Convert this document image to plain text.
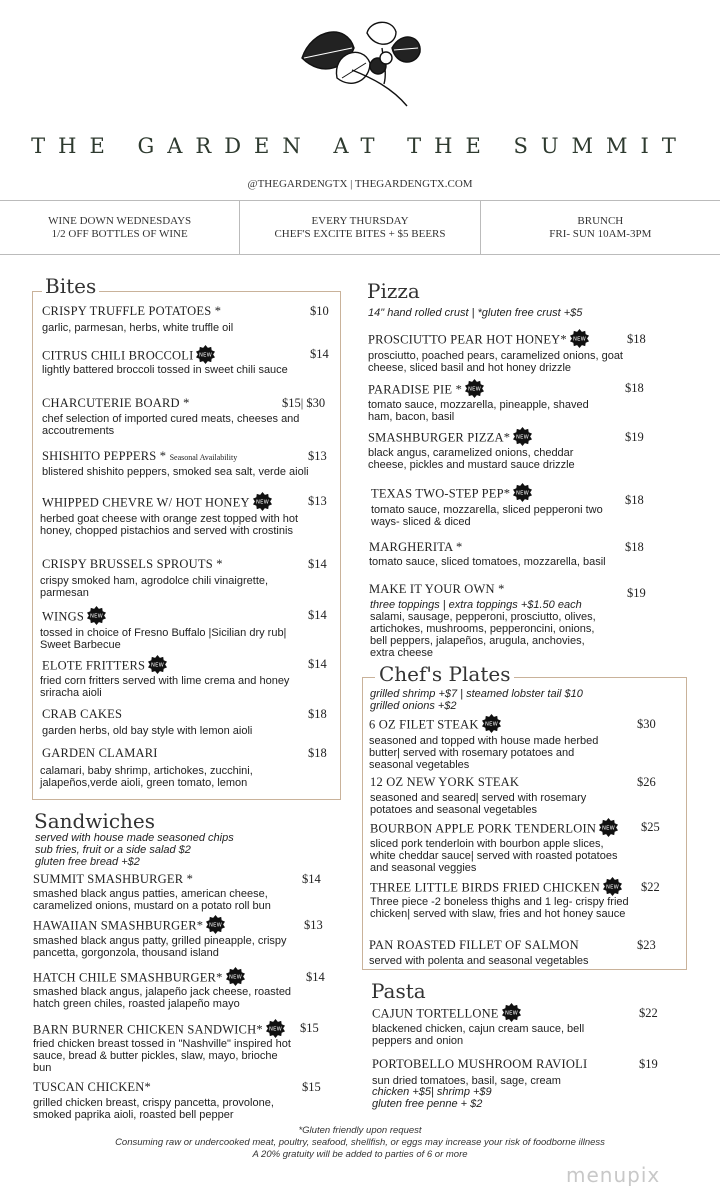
THE GARDEN AT THE SUMMIT
@THEGARDENGTX | THEGARDENGTX.COM
WINE DOWN WEDNESDAYS
1/2 OFF BOTTLES OF WINE
EVERY THURSDAY
CHEF'S EXCITE BITES + $5 BEERS
BRUNCH
FRI- SUN 10AM-3PM
Bites
CRISPY TRUFFLE POTATOES *	$10
garlic, parmesan, herbs, white truffle oil
CITRUS CHILI BROCCOLI NEW	$14
lightly battered broccoli tossed in sweet chili sauce
CHARCUTERIE BOARD *	$15| $30
chef selection of imported cured meats, cheeses and accoutrements
SHISHITO PEPPERS * Seasonal Availability	$13
blistered shishito peppers, smoked sea salt, verde aioli
WHIPPED CHEVRE W/ HOT HONEY NEW	$13
herbed goat cheese with orange zest topped with hot honey, chopped pistachios and served with crostinis
CRISPY BRUSSELS SPROUTS *	$14
crispy smoked ham, agrodolce chili vinaigrette, parmesan
WINGS NEW	$14
tossed in choice of Fresno Buffalo |Sicilian dry rub| Sweet Barbecue
ELOTE FRITTERS NEW	$14
fried corn fritters served with lime crema and honey sriracha aioli
CRAB CAKES	$18
garden herbs, old bay style with lemon aioli
GARDEN CLAMARI	$18
calamari, baby shrimp, artichokes, zucchini, jalapeños,verde aioli, green tomato, lemon
Sandwiches
served with house made seasoned chips
sub fries, fruit or a side salad $2
gluten free bread +$2
SUMMIT SMASHBURGER *	$14
smashed black angus patties, american cheese, caramelized onions, mustard on a potato roll bun
HAWAIIAN SMASHBURGER* NEW	$13
smashed black angus patty, grilled pineapple, crispy pancetta, gorgonzola, thousand island
HATCH CHILE SMASHBURGER* NEW	$14
smashed black angus, jalapeño jack cheese, roasted hatch green chiles, roasted jalapeño mayo
BARN BURNER CHICKEN SANDWICH* NEW $15
fried chicken breast tossed in "Nashville" inspired hot sauce, bread & butter pickles, slaw, mayo, brioche bun
TUSCAN CHICKEN*	$15
grilled chicken breast, crispy pancetta, provolone, smoked paprika aioli, roasted bell pepper
Pizza
14" hand rolled crust | *gluten free crust +$5
PROSCIUTTO PEAR HOT HONEY* NEW	$18
prosciutto, poached pears, caramelized onions, goat cheese, sliced basil and hot honey drizzle
PARADISE PIE * NEW	$18
tomato sauce, mozzarella, pineapple, shaved ham, bacon, basil
SMASHBURGER PIZZA* NEW	$19
black angus, caramelized onions, cheddar cheese, pickles and mustard sauce drizzle
TEXAS TWO-STEP PEP* NEW	$18
tomato sauce, mozzarella, sliced pepperoni two ways- sliced & diced
MARGHERITA *	$18
tomato sauce, sliced tomatoes, mozzarella, basil
MAKE IT YOUR OWN *	$19
three toppings | extra toppings +$1.50 each
salami, sausage, pepperoni, prosciutto, olives, artichokes, mushrooms, pepperoncini, onions, bell peppers, jalapeños, arugula, anchovies, extra cheese
Chef's Plates
grilled shrimp +$7 | steamed lobster tail $10
grilled onions +$2
6 OZ FILET STEAK NEW	$30
seasoned and topped with house made herbed butter| served with rosemary potatoes and seasonal vegetables
12 OZ NEW YORK STEAK	$26
seasoned and seared| served with rosemary potatoes and seasonal vegetables
BOURBON APPLE PORK TENDERLOIN NEW $25
sliced pork tenderloin with bourbon apple slices, white cheddar sauce| served with roasted potatoes and seasonal veggies
THREE LITTLE BIRDS FRIED CHICKEN NEW $22
Three piece -2 boneless thighs and 1 leg- crispy fried chicken| served with slaw, fries and hot honey sauce
PAN ROASTED FILLET OF SALMON	$23
served with polenta and seasonal vegetables
Pasta
CAJUN TORTELLONE NEW	$22
blackened chicken, cajun cream sauce, bell peppers and onion
PORTOBELLO MUSHROOM RAVIOLI	$19
sun dried tomatoes, basil, sage, cream
chicken +$5| shrimp +$9
gluten free penne + $2
*Gluten friendly upon request
Consuming raw or undercooked meat, poultry, seafood, shellfish, or eggs may increase your risk of foodborne illness
A 20% gratuity will be added to parties of 6 or more
menupix
